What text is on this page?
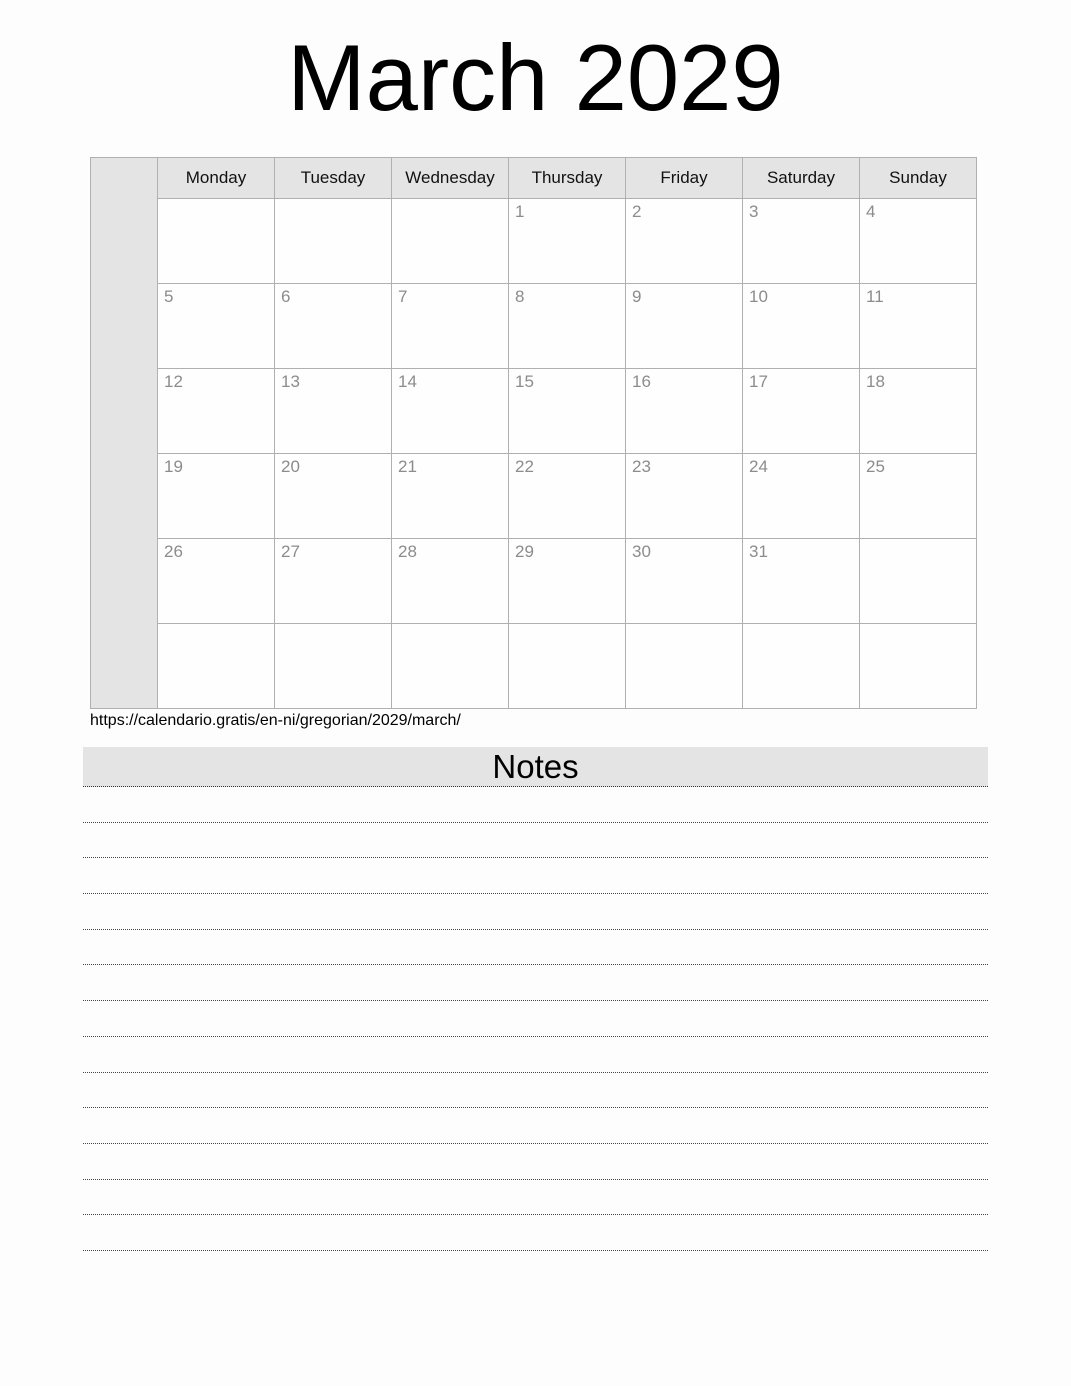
March 2029
	Monday	Tuesday	Wednesday	Thursday	Friday	Saturday	Sunday
				1	2	3	4
	5	6	7	8	9	10	11
	12	13	14	15	16	17	18
	19	20	21	22	23	24	25
	26	27	28	29	30	31	

https://calendario.gratis/en-ni/gregorian/2029/march/
Notes
